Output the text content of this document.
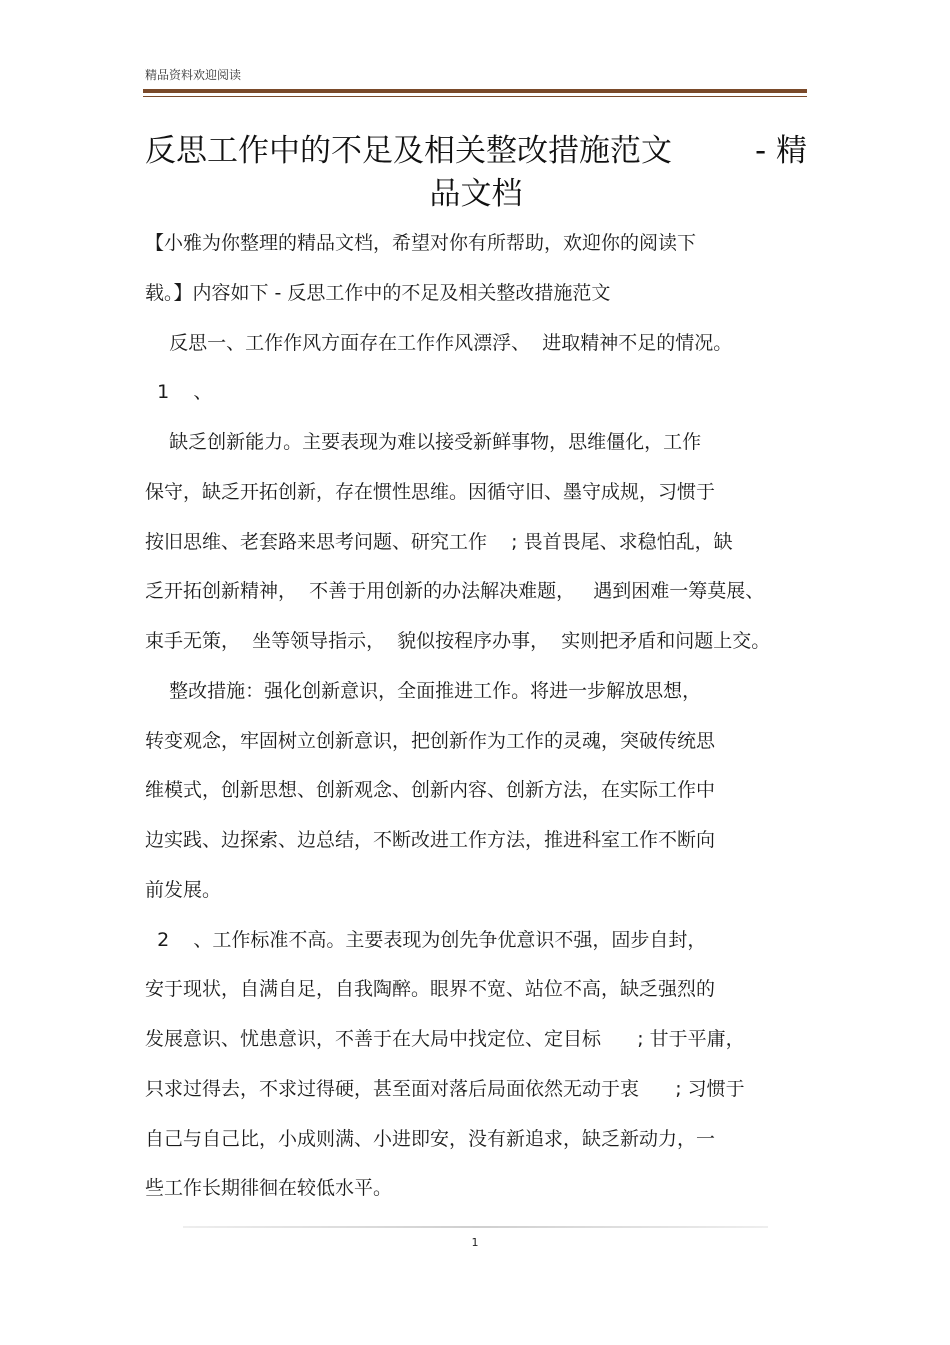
精品资料欢迎阅读
反思工作中的不足及相关整改措施范文	- 精
品文档
【小雅为你整理的精品文档，希望对你有所帮助，欢迎你的阅读下
载。】内容如下 - 反思工作中的不足及相关整改措施范文
反思一、工作作风方面存在工作作风漂浮、  进取精神不足的情况。
1    、
缺乏创新能力。主要表现为难以接受新鲜事物，思维僵化，工作
保守，缺乏开拓创新，存在惯性思维。因循守旧、墨守成规，习惯于
按旧思维、老套路来思考问题、研究工作    ; 畏首畏尾、求稳怕乱，缺
乏开拓创新精神，  不善于用创新的办法解决难题，   遇到困难一筹莫展、
束手无策，  坐等领导指示，  貌似按程序办事，  实则把矛盾和问题上交。
整改措施：强化创新意识，全面推进工作。将进一步解放思想，
转变观念，牢固树立创新意识，把创新作为工作的灵魂，突破传统思
维模式，创新思想、创新观念、创新内容、创新方法，在实际工作中
边实践、边探索、边总结，不断改进工作方法，推进科室工作不断向
前发展。
2    、工作标准不高。主要表现为创先争优意识不强，固步自封，
安于现状，自满自足，自我陶醉。眼界不宽、站位不高，缺乏强烈的
发展意识、忧患意识，不善于在大局中找定位、定目标      ; 甘于平庸，
只求过得去，不求过得硬，甚至面对落后局面依然无动于衷      ; 习惯于
自己与自己比，小成则满、小进即安，没有新追求，缺乏新动力，一
些工作长期徘徊在较低水平。
1
